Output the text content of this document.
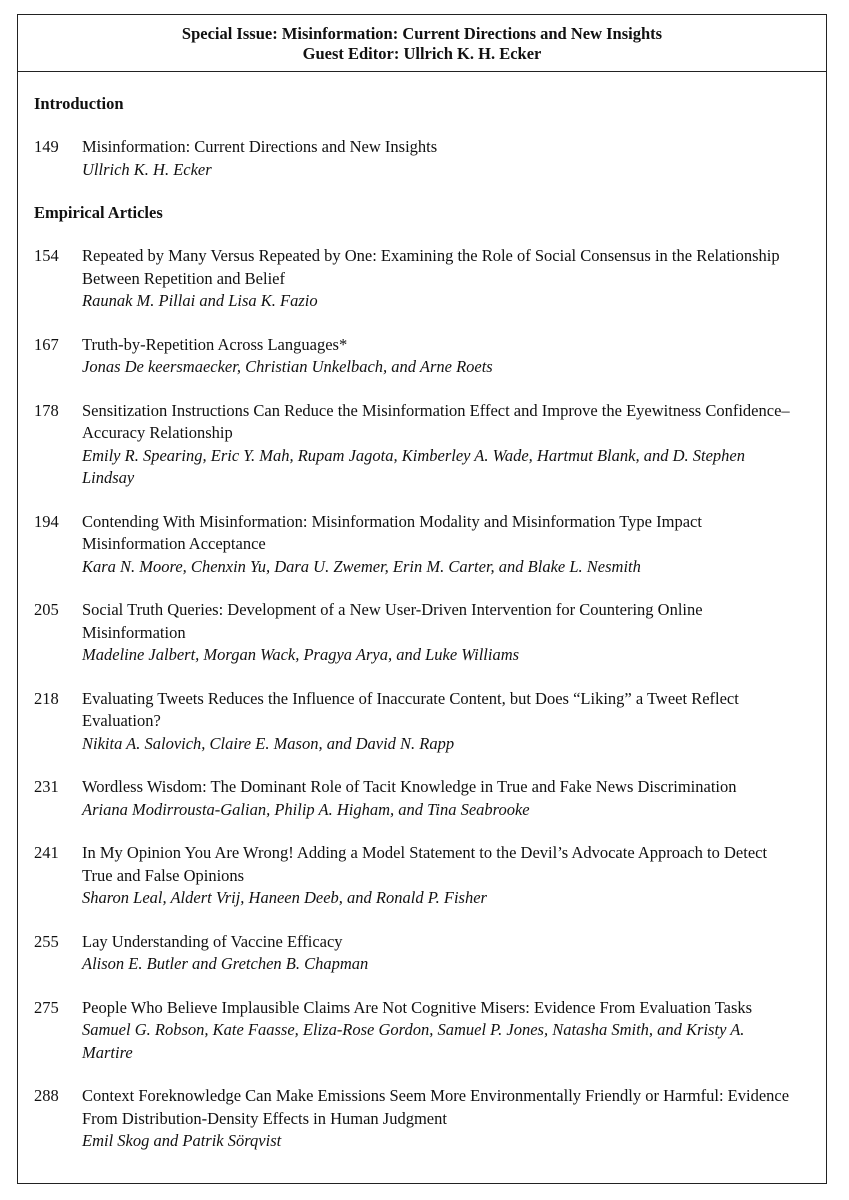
Special Issue: Misinformation: Current Directions and New Insights
Guest Editor: Ullrich K. H. Ecker
Introduction
149 Misinformation: Current Directions and New Insights
Ullrich K. H. Ecker
Empirical Articles
154 Repeated by Many Versus Repeated by One: Examining the Role of Social Consensus in the Relationship Between Repetition and Belief
Raunak M. Pillai and Lisa K. Fazio
167 Truth-by-Repetition Across Languages*
Jonas De keersmaecker, Christian Unkelbach, and Arne Roets
178 Sensitization Instructions Can Reduce the Misinformation Effect and Improve the Eyewitness Confidence–Accuracy Relationship
Emily R. Spearing, Eric Y. Mah, Rupam Jagota, Kimberley A. Wade, Hartmut Blank, and D. Stephen Lindsay
194 Contending With Misinformation: Misinformation Modality and Misinformation Type Impact Misinformation Acceptance
Kara N. Moore, Chenxin Yu, Dara U. Zwemer, Erin M. Carter, and Blake L. Nesmith
205 Social Truth Queries: Development of a New User-Driven Intervention for Countering Online Misinformation
Madeline Jalbert, Morgan Wack, Pragya Arya, and Luke Williams
218 Evaluating Tweets Reduces the Influence of Inaccurate Content, but Does “Liking” a Tweet Reflect Evaluation?
Nikita A. Salovich, Claire E. Mason, and David N. Rapp
231 Wordless Wisdom: The Dominant Role of Tacit Knowledge in True and Fake News Discrimination
Ariana Modirrousta-Galian, Philip A. Higham, and Tina Seabrooke
241 In My Opinion You Are Wrong! Adding a Model Statement to the Devil’s Advocate Approach to Detect True and False Opinions
Sharon Leal, Aldert Vrij, Haneen Deeb, and Ronald P. Fisher
255 Lay Understanding of Vaccine Efficacy
Alison E. Butler and Gretchen B. Chapman
275 People Who Believe Implausible Claims Are Not Cognitive Misers: Evidence From Evaluation Tasks
Samuel G. Robson, Kate Faasse, Eliza-Rose Gordon, Samuel P. Jones, Natasha Smith, and Kristy A. Martire
288 Context Foreknowledge Can Make Emissions Seem More Environmentally Friendly or Harmful: Evidence From Distribution-Density Effects in Human Judgment
Emil Skog and Patrik Sörqvist
